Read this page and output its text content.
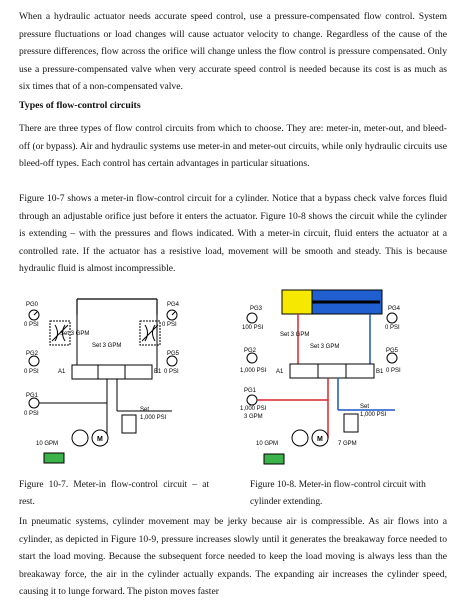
When a hydraulic actuator needs accurate speed control, use a pressure-compensated flow control. System pressure fluctuations or load changes will cause actuator velocity to change. Regardless of the cause of the pressure differences, flow across the orifice will change unless the flow control is pressure compensated. Only use a pressure-compensated valve when very accurate speed control is needed because its cost is as much as six times that of a non-compensated valve.

Types of flow-control circuits

There are three types of flow control circuits from which to choose. They are: meter-in, meter-out, and bleed-off (or bypass). Air and hydraulic systems use meter-in and meter-out circuits, while only hydraulic circuits use bleed-off types. Each control has certain advantages in particular situations.

Figure 10-7 shows a meter-in flow-control circuit for a cylinder. Notice that a bypass check valve forces fluid through an adjustable orifice just before it enters the actuator. Figure 10-8 shows the circuit while the cylinder is extending – with the pressures and flows indicated. With a meter-in circuit, fluid enters the actuator at a controlled rate. If the actuator has a resistive load, movement will be smooth and steady. This is because hydraulic fluid is almost incompressible.

PG0
0 PSI
PG4
0 PSI
Set 3 GPM
Set 3 GPM
PG2
0 PSI
PG5
0 PSI
A1	B1
PG1
0 PSI
Set
1,000 PSI
M
10 GPM
PG3
100 PSI
PG4
0 PSI
Set 3 GPM
Set 3 GPM
PG2
1,000 PSI
PG5
0 PSI
A1	B1
PG1
1,000 PSI
3 GPM
Set
1,000 PSI
M
10 GPM	7 GPM

Figure 10-7. Meter-in flow-control circuit – at rest.

Figure 10-8. Meter-in flow-control circuit with cylinder extending.

In pneumatic systems, cylinder movement may be jerky because air is compressible. As air flows into a cylinder, as depicted in Figure 10-9, pressure increases slowly until it generates the breakaway force needed to start the load moving. Because the subsequent force needed to keep the load moving is always less than the breakaway force, the air in the cylinder actually expands. The expanding air increases the cylinder speed, causing it to lunge forward. The piston moves faster
